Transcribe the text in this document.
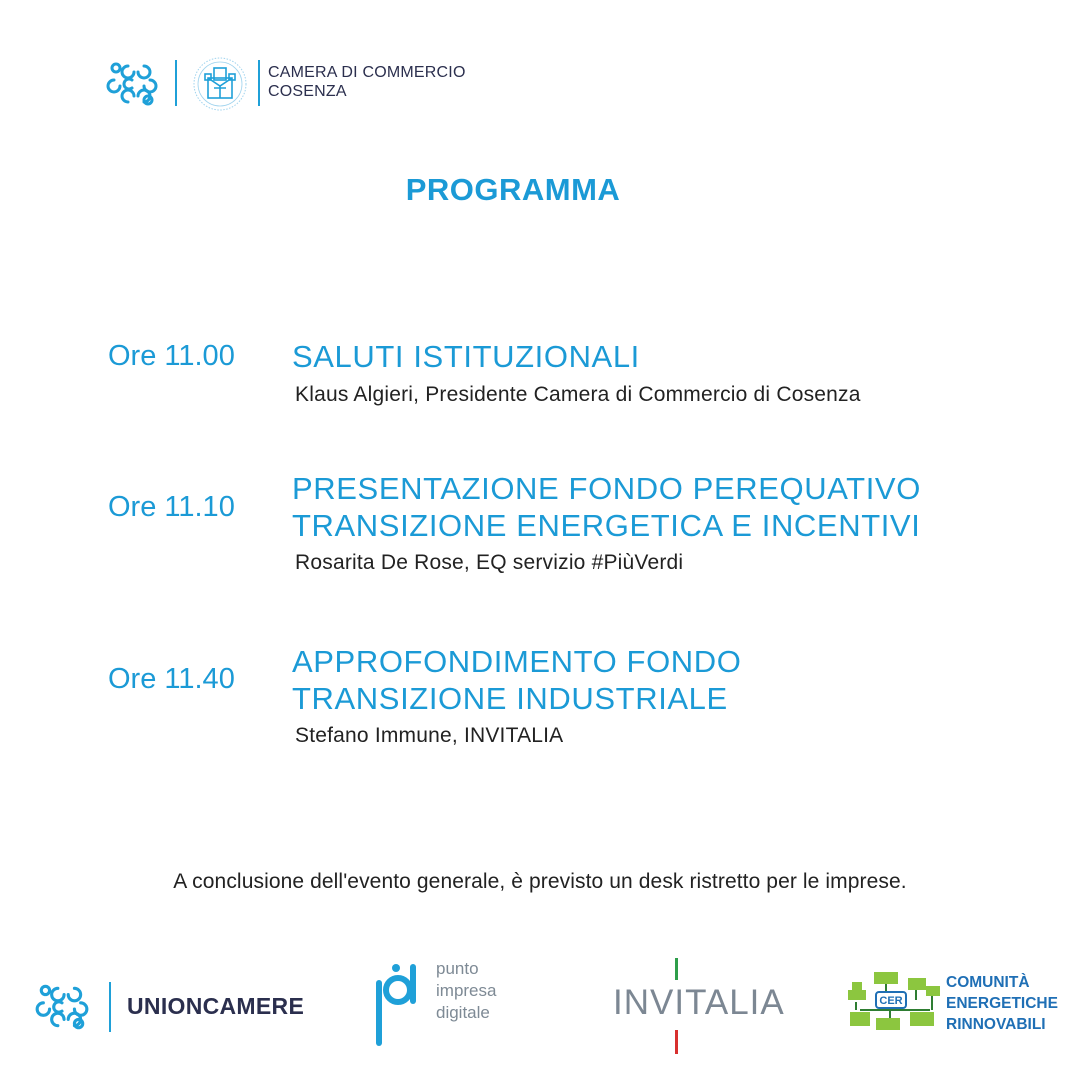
CAMERA DI COMMERCIO
COSENZA
PROGRAMMA
Ore 11.00 SALUTI ISTITUZIONALI
Klaus Algieri, Presidente Camera di Commercio di Cosenza
Ore 11.10
PRESENTAZIONE FONDO PEREQUATIVO
TRANSIZIONE ENERGETICA E INCENTIVI
Rosarita De Rose, EQ servizio #PiùVerdi
Ore 11.40 APPROFONDIMENTO FONDO
TRANSIZIONE INDUSTRIALE
Stefano Immune, INVITALIA
A conclusione dell'evento generale, è previsto un desk ristretto per le imprese.
UNIONCAMERE
punto
impresa
digitale	INVITALIA	CER
COMUNITÀ
ENERGETICHE
RINNOVABILI
